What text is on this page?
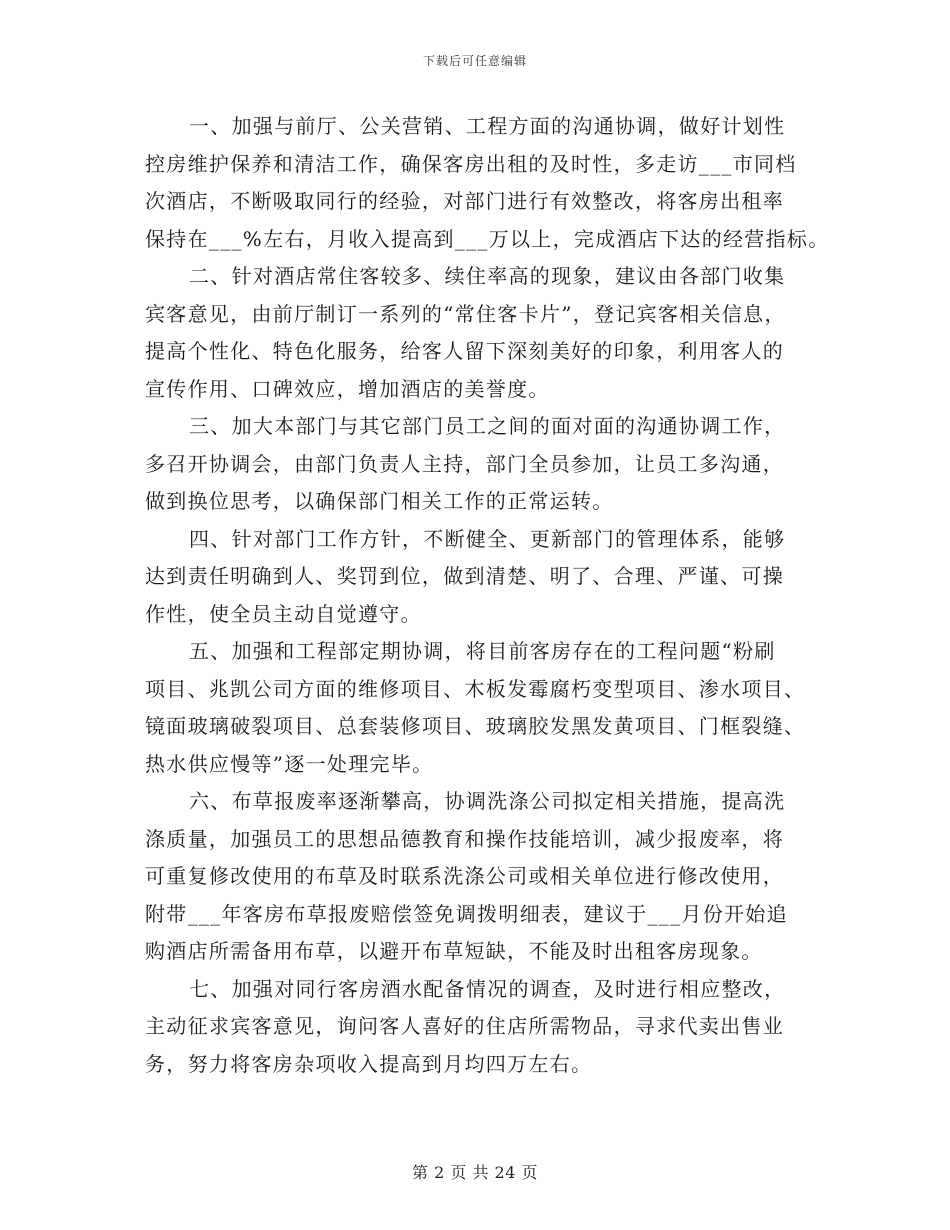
下载后可任意编辑

一、加强与前厅、公关营销、工程方面的沟通协调，做好计划性
控房维护保养和清洁工作，确保客房出租的及时性，多走访___市同档
次酒店，不断吸取同行的经验，对部门进行有效整改，将客房出租率
保持在___%左右，月收入提高到___万以上，完成酒店下达的经营指标。

二、针对酒店常住客较多、续住率高的现象，建议由各部门收集
宾客意见，由前厅制订一系列的“常住客卡片”，登记宾客相关信息，
提高个性化、特色化服务，给客人留下深刻美好的印象，利用客人的
宣传作用、口碑效应，增加酒店的美誉度。

三、加大本部门与其它部门员工之间的面对面的沟通协调工作，
多召开协调会，由部门负责人主持，部门全员参加，让员工多沟通，
做到换位思考，以确保部门相关工作的正常运转。

四、针对部门工作方针，不断健全、更新部门的管理体系，能够
达到责任明确到人、奖罚到位，做到清楚、明了、合理、严谨、可操
作性，使全员主动自觉遵守。

五、加强和工程部定期协调，将目前客房存在的工程问题“粉刷
项目、兆凯公司方面的维修项目、木板发霉腐朽变型项目、渗水项目、
镜面玻璃破裂项目、总套装修项目、玻璃胶发黑发黄项目、门框裂缝、
热水供应慢等”逐一处理完毕。

六、布草报废率逐渐攀高，协调洗涤公司拟定相关措施，提高洗
涤质量，加强员工的思想品德教育和操作技能培训，减少报废率，将
可重复修改使用的布草及时联系洗涤公司或相关单位进行修改使用，
附带___年客房布草报废赔偿签免调拨明细表，建议于___月份开始追
购酒店所需备用布草，以避开布草短缺，不能及时出租客房现象。

七、加强对同行客房酒水配备情况的调查，及时进行相应整改，
主动征求宾客意见，询问客人喜好的住店所需物品，寻求代卖出售业
务，努力将客房杂项收入提高到月均四万左右。

第 2 页 共 24 页
